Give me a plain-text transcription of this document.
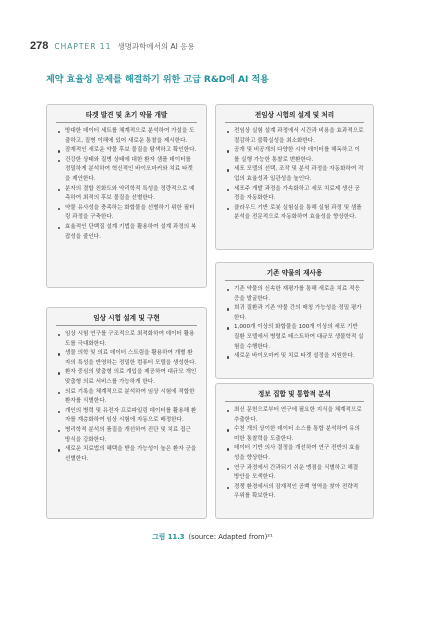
278 CHAPTER 11 생명과학에서의 AI 응용
제약 효율성 문제를 해결하기 위한 고급 R&D에 AI 적용
타겟 발견 및 초기 약물 개발
방대한 데이터 세트를 체계적으로 분석하여 가설을 도출하고, 질병 이해에 있어 새로운 통찰을 제시한다.
잠재적인 새로운 약물 후보 물질을 탐색하고 확인한다.
건강한 상태와 질병 상태에 대한 환자 샘플 데이터를 정밀하게 분석하여 혁신적인 바이오마커와 치료 타겟을 제안한다.
분자의 결합 친화도와 약리학적 특성을 정량적으로 예측하여 최적의 후보 물질을 선별한다.
약물 유사성을 충족하는 화합물을 선별하기 위한 필터링 과정을 구축한다.
효율적인 단백질 설계 기법을 활용하여 설계 과정의 복잡성을 줄인다.
임상 시험 설계 및 구현
임상 시험 연구를 구조적으로 최적화하여 데이터 활용도를 극대화한다.
생물 의학 및 의료 데이터 스트림을 활용하여 개별 환자의 특성을 반영하는 정밀한 컴퓨터 모델을 생성한다.
환자 중심의 맞춤형 의료 개입을 제공하여 대규모 개인 맞춤형 의료 서비스를 가능하게 한다.
의료 기록을 체계적으로 분석하여 임상 시험에 적합한 환자를 식별한다.
개인의 병력 및 유전자 프로파일링 데이터를 활용해 환자를 계층화하여 임상 시험에 자동으로 배정한다.
병리학적 분석의 품질을 개선하여 진단 및 치료 접근 방식을 강화한다.
새로운 치료법의 혜택을 받을 가능성이 높은 환자 군을 선별한다.
전임상 시험의 설계 및 처리
전임상 실험 설계 과정에서 시간과 비용을 효과적으로 절감하고 불확실성을 최소화한다.
공개 및 비공개의 다양한 시약 데이터를 해독하고 이를 실행 가능한 통찰로 변환한다.
세포 모델의 선택, 조작 및 분석 과정을 자동화하여 작업의 효율성과 일관성을 높인다.
세포주 개발 과정을 가속화하고 세포 치료제 생산 공정을 자동화한다.
클라우드 기반 로봇 실험실을 통해 실험 과정 및 샘플 분석을 전문적으로 자동화하여 효율성을 향상한다.
기존 약물의 재사용
기존 약물의 신속한 재평가를 통해 새로운 치료 적응증을 발굴한다.
희귀 질환과 기존 약물 간의 매칭 가능성을 정밀 평가한다.
1,000개 이상의 화합물을 100개 이상의 세포 기반 질환 모델에서 병렬로 테스트하여 대규모 생물학적 실험을 수행한다.
새로운 바이오마커 및 치료 타겟 설정을 지원한다.
정보 집합 및 통합적 분석
최신 문헌으로부터 연구에 필요한 지식을 체계적으로 추출한다.
수천 개의 상이한 데이터 소스를 통합 분석하여 유의미한 통찰력을 도출한다.
데이터 기반 의사 결정을 개선하여 연구 전반의 효율성을 향상한다.
연구 과정에서 간과되기 쉬운 맹점을 식별하고 해결 방안을 모색한다.
경쟁 환경에서의 잠재적인 공백 영역을 찾아 전략적 우위를 확보한다.
그림 11.3 (source: Adapted from)²¹
